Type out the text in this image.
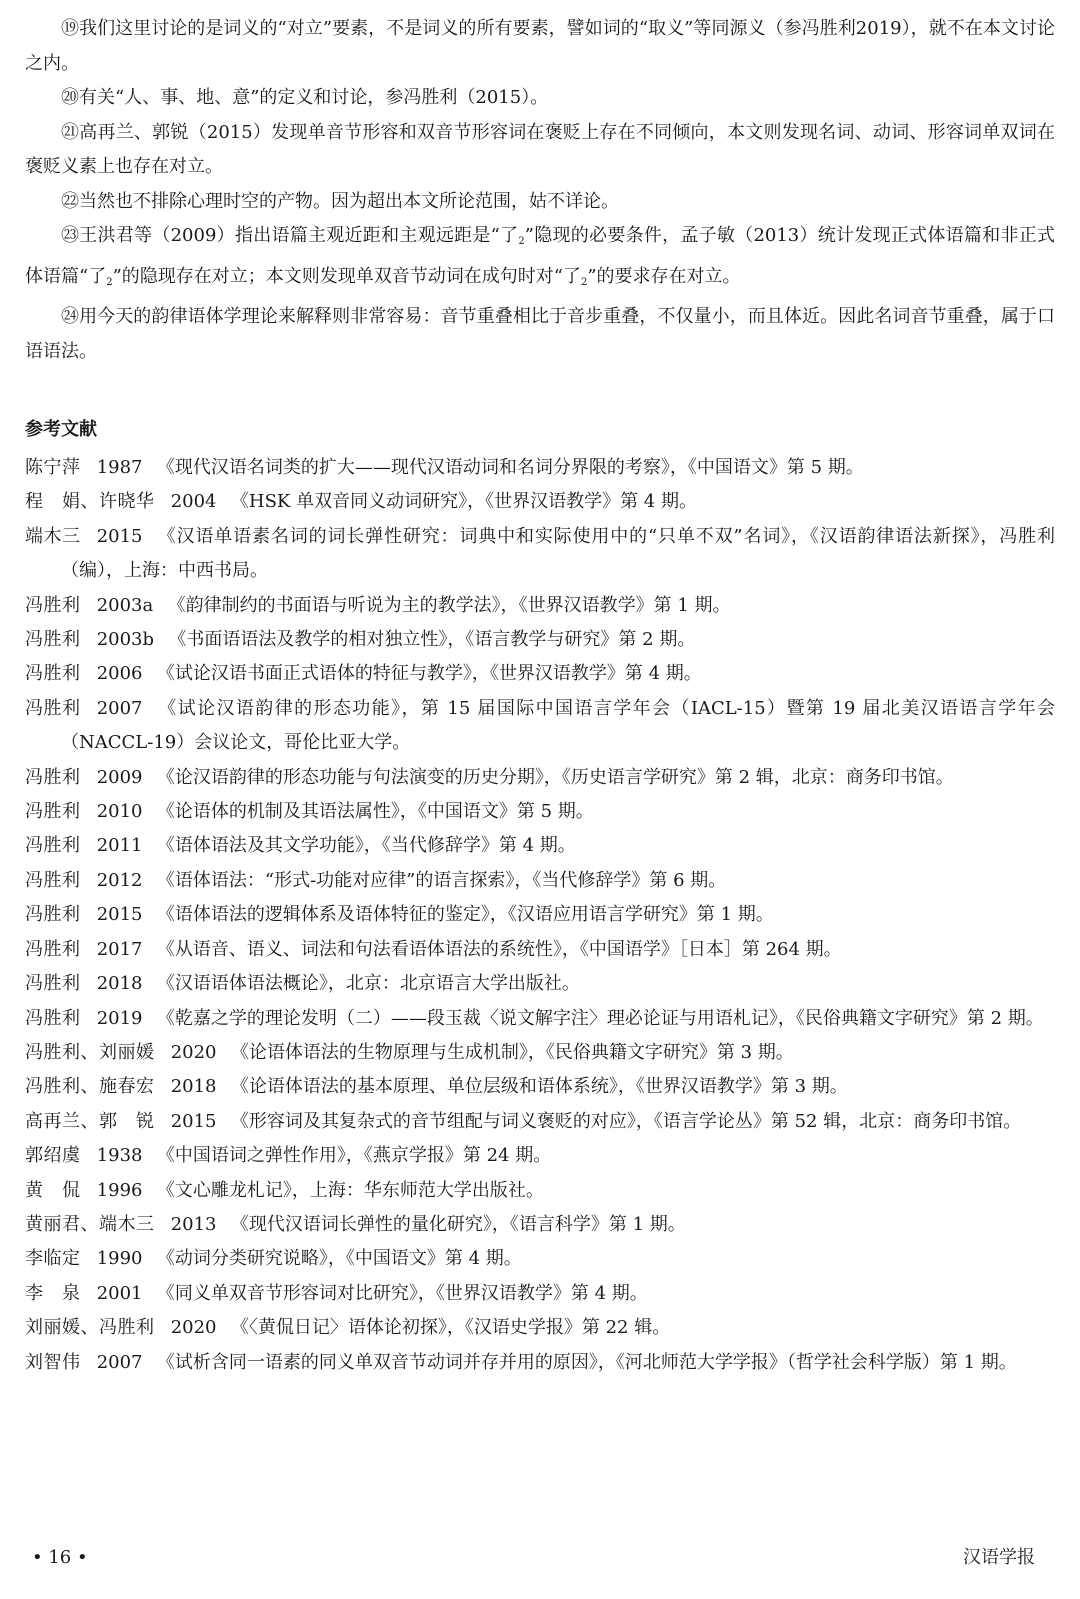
⑲我们这里讨论的是词义的“对立”要素，不是词义的所有要素，譬如词的“取义”等同源义（参冯胜利2019），就不在本文讨论之内。

⑳有关“人、事、地、意”的定义和讨论，参冯胜利（2015）。

㉑高再兰、郭锐（2015）发现单音节形容和双音节形容词在褒贬上存在不同倾向，本文则发现名词、动词、形容词单双词在褒贬义素上也存在对立。

㉒当然也不排除心理时空的产物。因为超出本文所论范围，姑不详论。

㉓王洪君等（2009）指出语篇主观近距和主观远距是“了$_2$”隐现的必要条件，孟子敏（2013）统计发现正式体语篇和非正式体语篇“了$_2$”的隐现存在对立；本文则发现单双音节动词在成句时对“了$_2$”的要求存在对立。

㉔用今天的韵律语体学理论来解释则非常容易：音节重叠相比于音步重叠，不仅量小，而且体近。因此名词音节重叠，属于口语语法。

参考文献

陈宁萍 1987 《现代汉语名词类的扩大——现代汉语动词和名词分界限的考察》，《中国语文》第 5 期。

程　娟、许晓华 2004 《HSK 单双音同义动词研究》，《世界汉语教学》第 4 期。

端木三 2015 《汉语单语素名词的词长弹性研究：词典中和实际使用中的“只单不双”名词》，《汉语韵律语法新探》，冯胜利（编），上海：中西书局。

冯胜利 2003a 《韵律制约的书面语与听说为主的教学法》，《世界汉语教学》第 1 期。

冯胜利 2003b 《书面语语法及教学的相对独立性》，《语言教学与研究》第 2 期。

冯胜利 2006 《试论汉语书面正式语体的特征与教学》，《世界汉语教学》第 4 期。

冯胜利 2007 《试论汉语韵律的形态功能》，第 15 届国际中国语言学年会（IACL-15）暨第 19 届北美汉语语言学年会（NACCL-19）会议论文，哥伦比亚大学。

冯胜利 2009 《论汉语韵律的形态功能与句法演变的历史分期》，《历史语言学研究》第 2 辑，北京：商务印书馆。

冯胜利 2010 《论语体的机制及其语法属性》，《中国语文》第 5 期。

冯胜利 2011 《语体语法及其文学功能》，《当代修辞学》第 4 期。

冯胜利 2012 《语体语法：“形式-功能对应律”的语言探索》，《当代修辞学》第 6 期。

冯胜利 2015 《语体语法的逻辑体系及语体特征的鉴定》，《汉语应用语言学研究》第 1 期。

冯胜利 2017 《从语音、语义、词法和句法看语体语法的系统性》，《中国语学》［日本］第 264 期。

冯胜利 2018 《汉语语体语法概论》，北京：北京语言大学出版社。

冯胜利 2019 《乾嘉之学的理论发明（二）——段玉裁〈说文解字注〉理必论证与用语札记》，《民俗典籍文字研究》第 2 期。

冯胜利、刘丽媛 2020 《论语体语法的生物原理与生成机制》，《民俗典籍文字研究》第 3 期。

冯胜利、施春宏 2018 《论语体语法的基本原理、单位层级和语体系统》，《世界汉语教学》第 3 期。

高再兰、郭　锐 2015 《形容词及其复杂式的音节组配与词义褒贬的对应》，《语言学论丛》第 52 辑，北京：商务印书馆。

郭绍虞 1938 《中国语词之弹性作用》，《燕京学报》第 24 期。

黄　侃 1996 《文心雕龙札记》，上海：华东师范大学出版社。

黄丽君、端木三 2013 《现代汉语词长弹性的量化研究》，《语言科学》第 1 期。

李临定 1990 《动词分类研究说略》，《中国语文》第 4 期。

李　泉 2001 《同义单双音节形容词对比研究》，《世界汉语教学》第 4 期。

刘丽媛、冯胜利 2020 《〈黄侃日记〉语体论初探》，《汉语史学报》第 22 辑。

刘智伟 2007 《试析含同一语素的同义单双音节动词并存并用的原因》，《河北师范大学学报》（哲学社会科学版）第 1 期。

• 16 •	汉语学报
